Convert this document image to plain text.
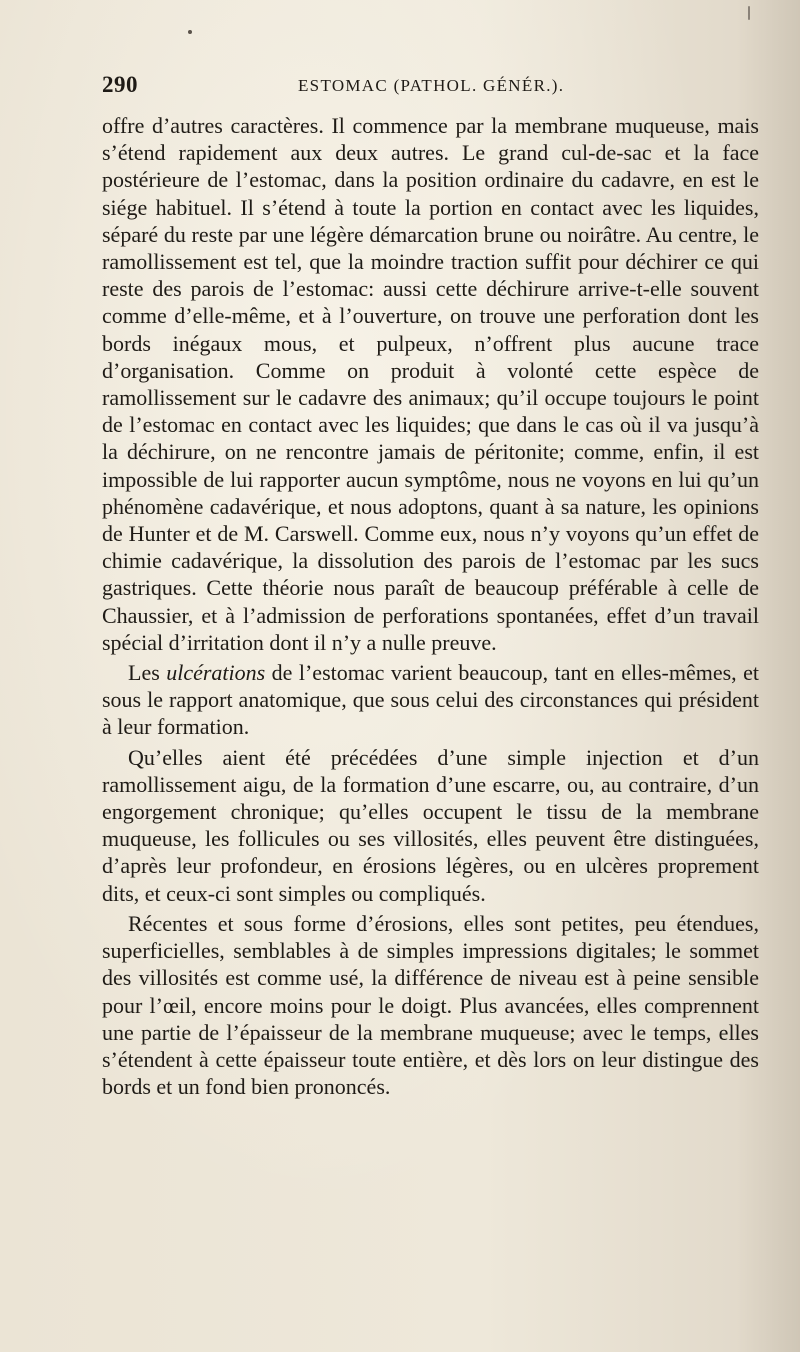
290	ESTOMAC (PATHOL. GÉNÉR.).

offre d’autres caractères. Il commence par la membrane muqueuse, mais s’étend rapidement aux deux autres. Le grand cul-de-sac et la face postérieure de l’estomac, dans la position ordinaire du cadavre, en est le siége habituel. Il s’étend à toute la portion en contact avec les liquides, séparé du reste par une légère démarcation brune ou noirâtre. Au centre, le ramollissement est tel, que la moindre traction suffit pour déchirer ce qui reste des parois de l’estomac: aussi cette déchirure arrive-t-elle souvent comme d’elle-même, et à l’ouverture, on trouve une perforation dont les bords inégaux mous, et pulpeux, n’offrent plus aucune trace d’organisation. Comme on produit à volonté cette espèce de ramollissement sur le cadavre des animaux; qu’il occupe toujours le point de l’estomac en contact avec les liquides; que dans le cas où il va jusqu’à la déchirure, on ne rencontre jamais de péritonite; comme, enfin, il est impossible de lui rapporter aucun symptôme, nous ne voyons en lui qu’un phénomène cadavérique, et nous adoptons, quant à sa nature, les opinions de Hunter et de M. Carswell. Comme eux, nous n’y voyons qu’un effet de chimie cadavérique, la dissolution des parois de l’estomac par les sucs gastriques. Cette théorie nous paraît de beaucoup préférable à celle de Chaussier, et à l’admission de perforations spontanées, effet d’un travail spécial d’irritation dont il n’y a nulle preuve.

Les ulcérations de l’estomac varient beaucoup, tant en elles-mêmes, et sous le rapport anatomique, que sous celui des circonstances qui président à leur formation.

Qu’elles aient été précédées d’une simple injection et d’un ramollissement aigu, de la formation d’une escarre, ou, au contraire, d’un engorgement chronique; qu’elles occupent le tissu de la membrane muqueuse, les follicules ou ses villosités, elles peuvent être distinguées, d’après leur profondeur, en érosions légères, ou en ulcères proprement dits, et ceux-ci sont simples ou compliqués.

Récentes et sous forme d’érosions, elles sont petites, peu étendues, superficielles, semblables à de simples impressions digitales; le sommet des villosités est comme usé, la différence de niveau est à peine sensible pour l’œil, encore moins pour le doigt. Plus avancées, elles comprennent une partie de l’épaisseur de la membrane muqueuse; avec le temps, elles s’étendent à cette épaisseur toute entière, et dès lors on leur distingue des bords et un fond bien prononcés.
